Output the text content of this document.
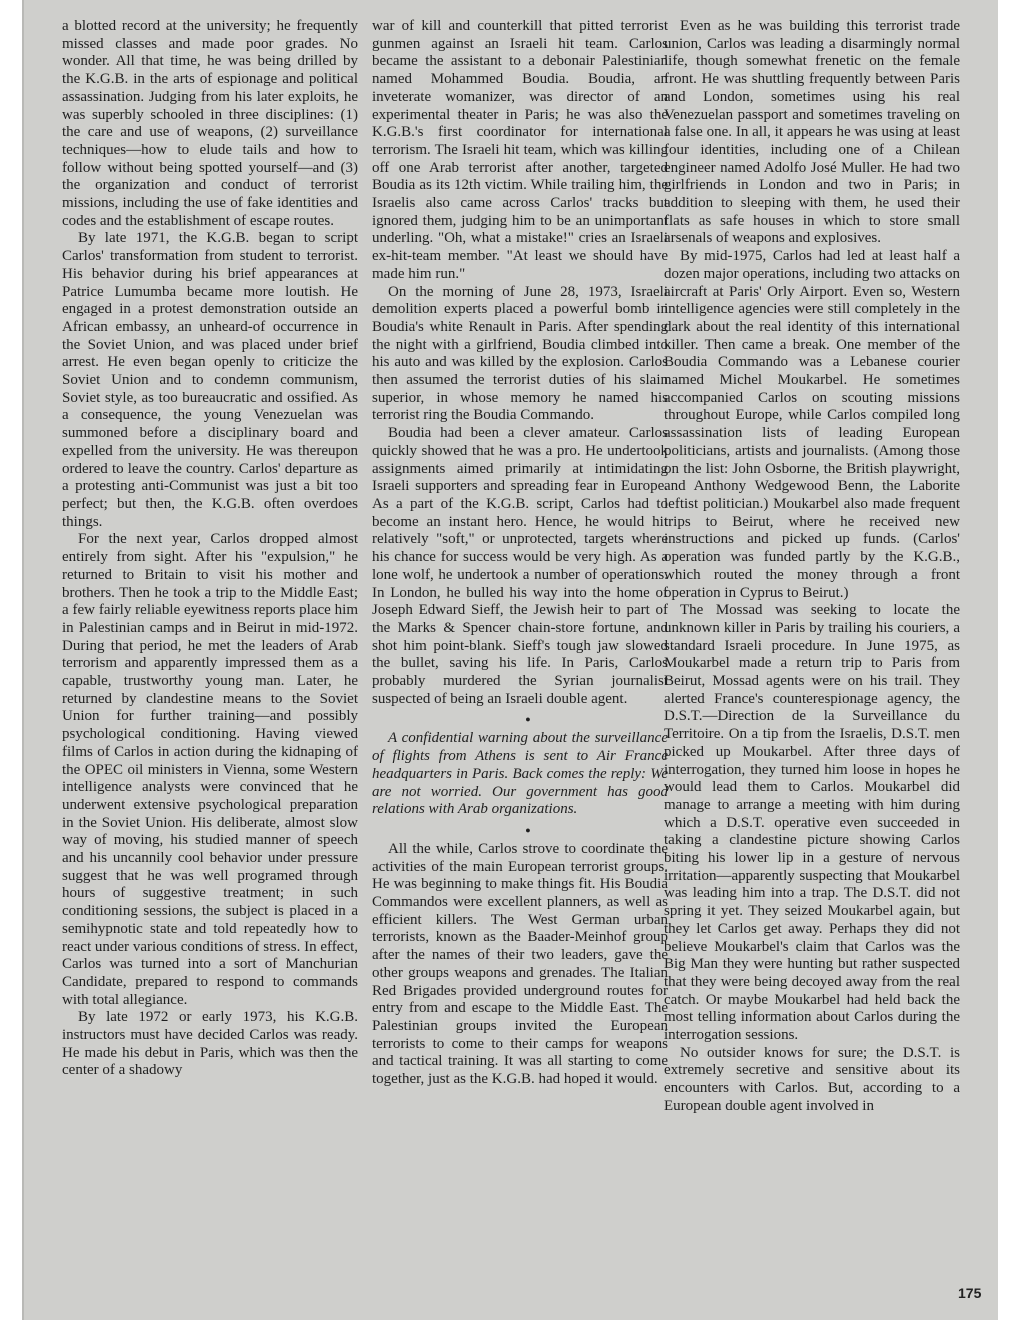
a blotted record at the university; he frequently missed classes and made poor grades. No wonder. All that time, he was being drilled by the K.G.B. in the arts of espionage and political assassination. Judging from his later exploits, he was superbly schooled in three disciplines: (1) the care and use of weapons, (2) surveillance techniques—how to elude tails and how to follow without being spotted yourself—and (3) the organization and conduct of terrorist missions, including the use of fake identities and codes and the establishment of escape routes.

By late 1971, the K.G.B. began to script Carlos' transformation from student to terrorist. His behavior during his brief appearances at Patrice Lumumba became more loutish. He engaged in a protest demonstration outside an African embassy, an unheard-of occurrence in the Soviet Union, and was placed under brief arrest. He even began openly to criticize the Soviet Union and to condemn communism, Soviet style, as too bureaucratic and ossified. As a consequence, the young Venezuelan was summoned before a disciplinary board and expelled from the university. He was thereupon ordered to leave the country. Carlos' departure as a protesting anti-Communist was just a bit too perfect; but then, the K.G.B. often overdoes things.

For the next year, Carlos dropped almost entirely from sight. After his "expulsion," he returned to Britain to visit his mother and brothers. Then he took a trip to the Middle East; a few fairly reliable eyewitness reports place him in Palestinian camps and in Beirut in mid-1972. During that period, he met the leaders of Arab terrorism and apparently impressed them as a capable, trustworthy young man. Later, he returned by clandestine means to the Soviet Union for further training—and possibly psychological conditioning. Having viewed films of Carlos in action during the kidnaping of the OPEC oil ministers in Vienna, some Western intelligence analysts were convinced that he underwent extensive psychological preparation in the Soviet Union. His deliberate, almost slow way of moving, his studied manner of speech and his uncannily cool behavior under pressure suggest that he was well programed through hours of suggestive treatment; in such conditioning sessions, the subject is placed in a semihypnotic state and told repeatedly how to react under various conditions of stress. In effect, Carlos was turned into a sort of Manchurian Candidate, prepared to respond to commands with total allegiance.

By late 1972 or early 1973, his K.G.B. instructors must have decided Carlos was ready. He made his debut in Paris, which was then the center of a shadowy

war of kill and counterkill that pitted terrorist gunmen against an Israeli hit team. Carlos became the assistant to a debonair Palestinian named Mohammed Boudia. Boudia, an inveterate womanizer, was director of an experimental theater in Paris; he was also the K.G.B.'s first coordinator for international terrorism. The Israeli hit team, which was killing off one Arab terrorist after another, targeted Boudia as its 12th victim. While trailing him, the Israelis also came across Carlos' tracks but ignored them, judging him to be an unimportant underling. "Oh, what a mistake!" cries an Israeli ex-hit-team member. "At least we should have made him run."

On the morning of June 28, 1973, Israeli demolition experts placed a powerful bomb in Boudia's white Renault in Paris. After spending the night with a girlfriend, Boudia climbed into his auto and was killed by the explosion. Carlos then assumed the terrorist duties of his slain superior, in whose memory he named his terrorist ring the Boudia Commando.

Boudia had been a clever amateur. Carlos quickly showed that he was a pro. He undertook assignments aimed primarily at intimidating Israeli supporters and spreading fear in Europe. As a part of the K.G.B. script, Carlos had to become an instant hero. Hence, he would hit relatively "soft," or unprotected, targets where his chance for success would be very high. As a lone wolf, he undertook a number of operations. In London, he bulled his way into the home of Joseph Edward Sieff, the Jewish heir to part of the Marks & Spencer chain-store fortune, and shot him point-blank. Sieff's tough jaw slowed the bullet, saving his life. In Paris, Carlos probably murdered the Syrian journalist suspected of being an Israeli double agent.

●

A confidential warning about the surveillance of flights from Athens is sent to Air France headquarters in Paris. Back comes the reply: We are not worried. Our government has good relations with Arab organizations.

●

All the while, Carlos strove to coordinate the activities of the main European terrorist groups. He was beginning to make things fit. His Boudia Commandos were excellent planners, as well as efficient killers. The West German urban terrorists, known as the Baader-Meinhof group after the names of their two leaders, gave the other groups weapons and grenades. The Italian Red Brigades provided underground routes for entry from and escape to the Middle East. The Palestinian groups invited the European terrorists to come to their camps for weapons and tactical training. It was all starting to come together, just as the K.G.B. had hoped it would.

Even as he was building this terrorist trade union, Carlos was leading a disarmingly normal life, though somewhat frenetic on the female front. He was shuttling frequently between Paris and London, sometimes using his real Venezuelan passport and sometimes traveling on a false one. In all, it appears he was using at least four identities, including one of a Chilean engineer named Adolfo José Muller. He had two girlfriends in London and two in Paris; in addition to sleeping with them, he used their flats as safe houses in which to store small arsenals of weapons and explosives.

By mid-1975, Carlos had led at least half a dozen major operations, including two attacks on aircraft at Paris' Orly Airport. Even so, Western intelligence agencies were still completely in the dark about the real identity of this international killer. Then came a break. One member of the Boudia Commando was a Lebanese courier named Michel Moukarbel. He sometimes accompanied Carlos on scouting missions throughout Europe, while Carlos compiled long assassination lists of leading European politicians, artists and journalists. (Among those on the list: John Osborne, the British playwright, and Anthony Wedgewood Benn, the Laborite leftist politician.) Moukarbel also made frequent trips to Beirut, where he received new instructions and picked up funds. (Carlos' operation was funded partly by the K.G.B., which routed the money through a front operation in Cyprus to Beirut.)

The Mossad was seeking to locate the unknown killer in Paris by trailing his couriers, a standard Israeli procedure. In June 1975, as Moukarbel made a return trip to Paris from Beirut, Mossad agents were on his trail. They alerted France's counterespionage agency, the D.S.T.—Direction de la Surveillance du Territoire. On a tip from the Israelis, D.S.T. men picked up Moukarbel. After three days of interrogation, they turned him loose in hopes he would lead them to Carlos. Moukarbel did manage to arrange a meeting with him during which a D.S.T. operative even succeeded in taking a clandestine picture showing Carlos biting his lower lip in a gesture of nervous irritation—apparently suspecting that Moukarbel was leading him into a trap. The D.S.T. did not spring it yet. They seized Moukarbel again, but they let Carlos get away. Perhaps they did not believe Moukarbel's claim that Carlos was the Big Man they were hunting but rather suspected that they were being decoyed away from the real catch. Or maybe Moukarbel had held back the most telling information about Carlos during the interrogation sessions.

No outsider knows for sure; the D.S.T. is extremely secretive and sensitive about its encounters with Carlos. But, according to a European double agent involved in

175
